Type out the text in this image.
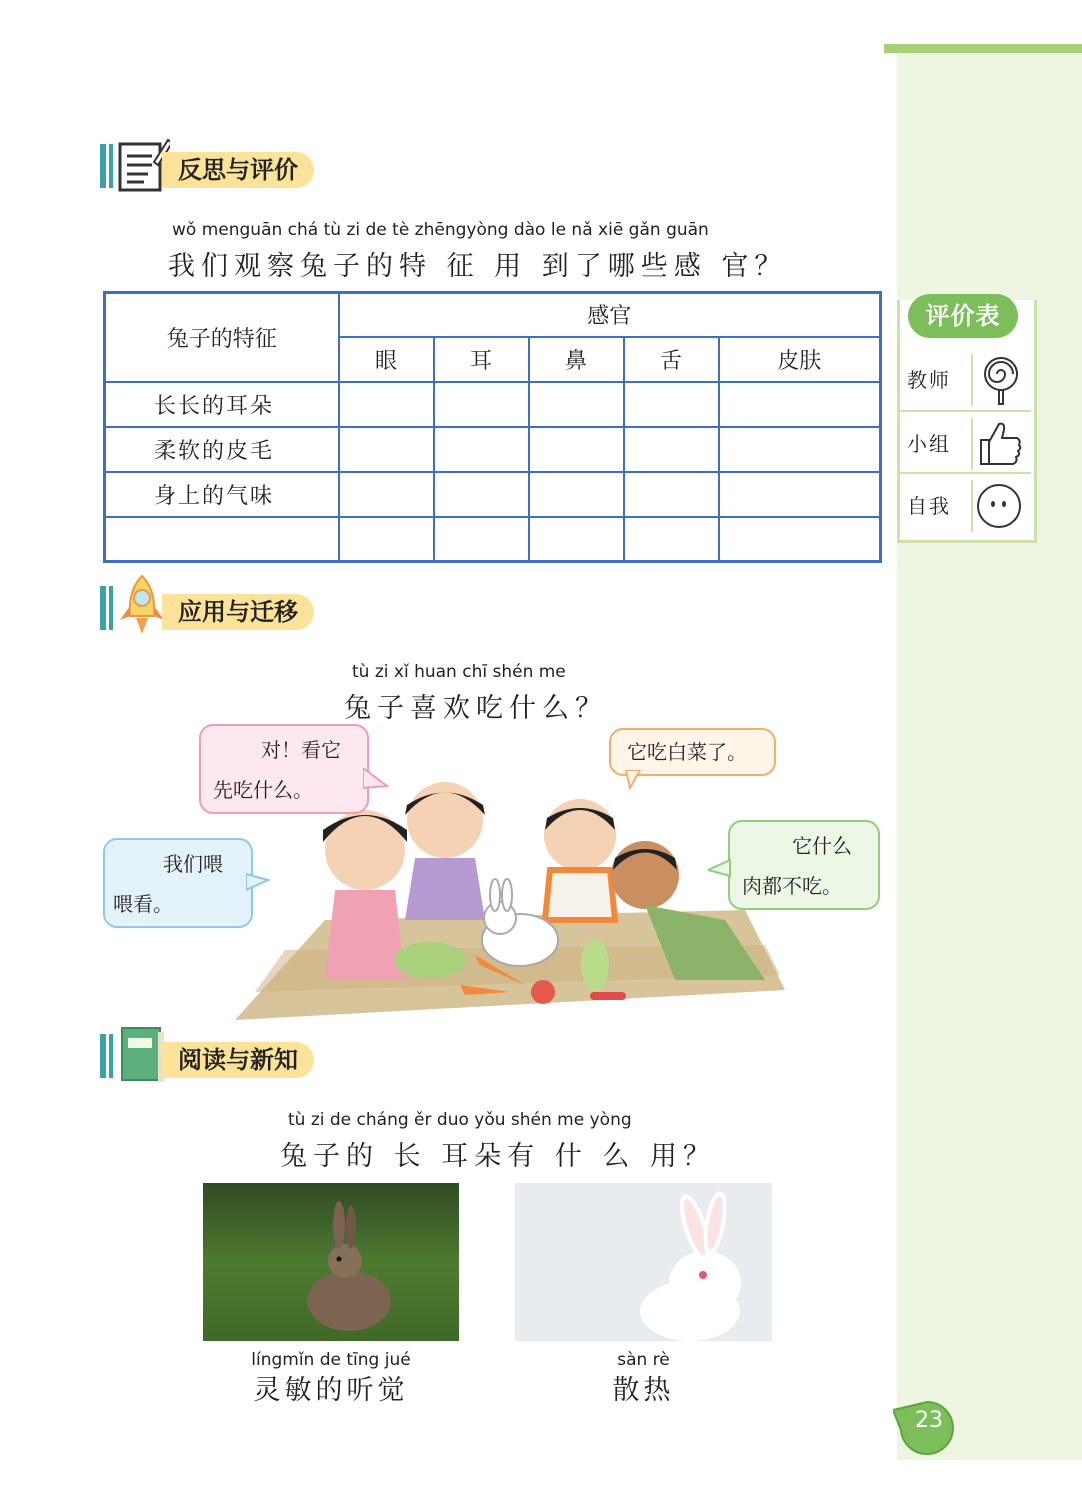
反思与评价
wǒ menguān chá tù zi de tè zhēngyòng dào le nǎ xiē gǎn guān
我们观察兔子的特 征 用 到了哪些感 官？
兔子的特征	感官				
	眼	耳	鼻	舌	皮肤
长长的耳朵					
柔软的皮毛					
身上的气味					

评价表
教师
小组
自我
应用与迁移
tù zi xǐ huan chī shén me
兔子喜欢吃什么？
对！看它
先吃什么。
它吃白菜了。
我们喂
喂看。
它什么
肉都不吃。
阅读与新知
tù zi de cháng ěr duo yǒu shén me yòng
兔子的 长 耳朵有 什 么 用？
língmǐn de tīng jué
灵敏的听觉
sàn rè
散热
23
